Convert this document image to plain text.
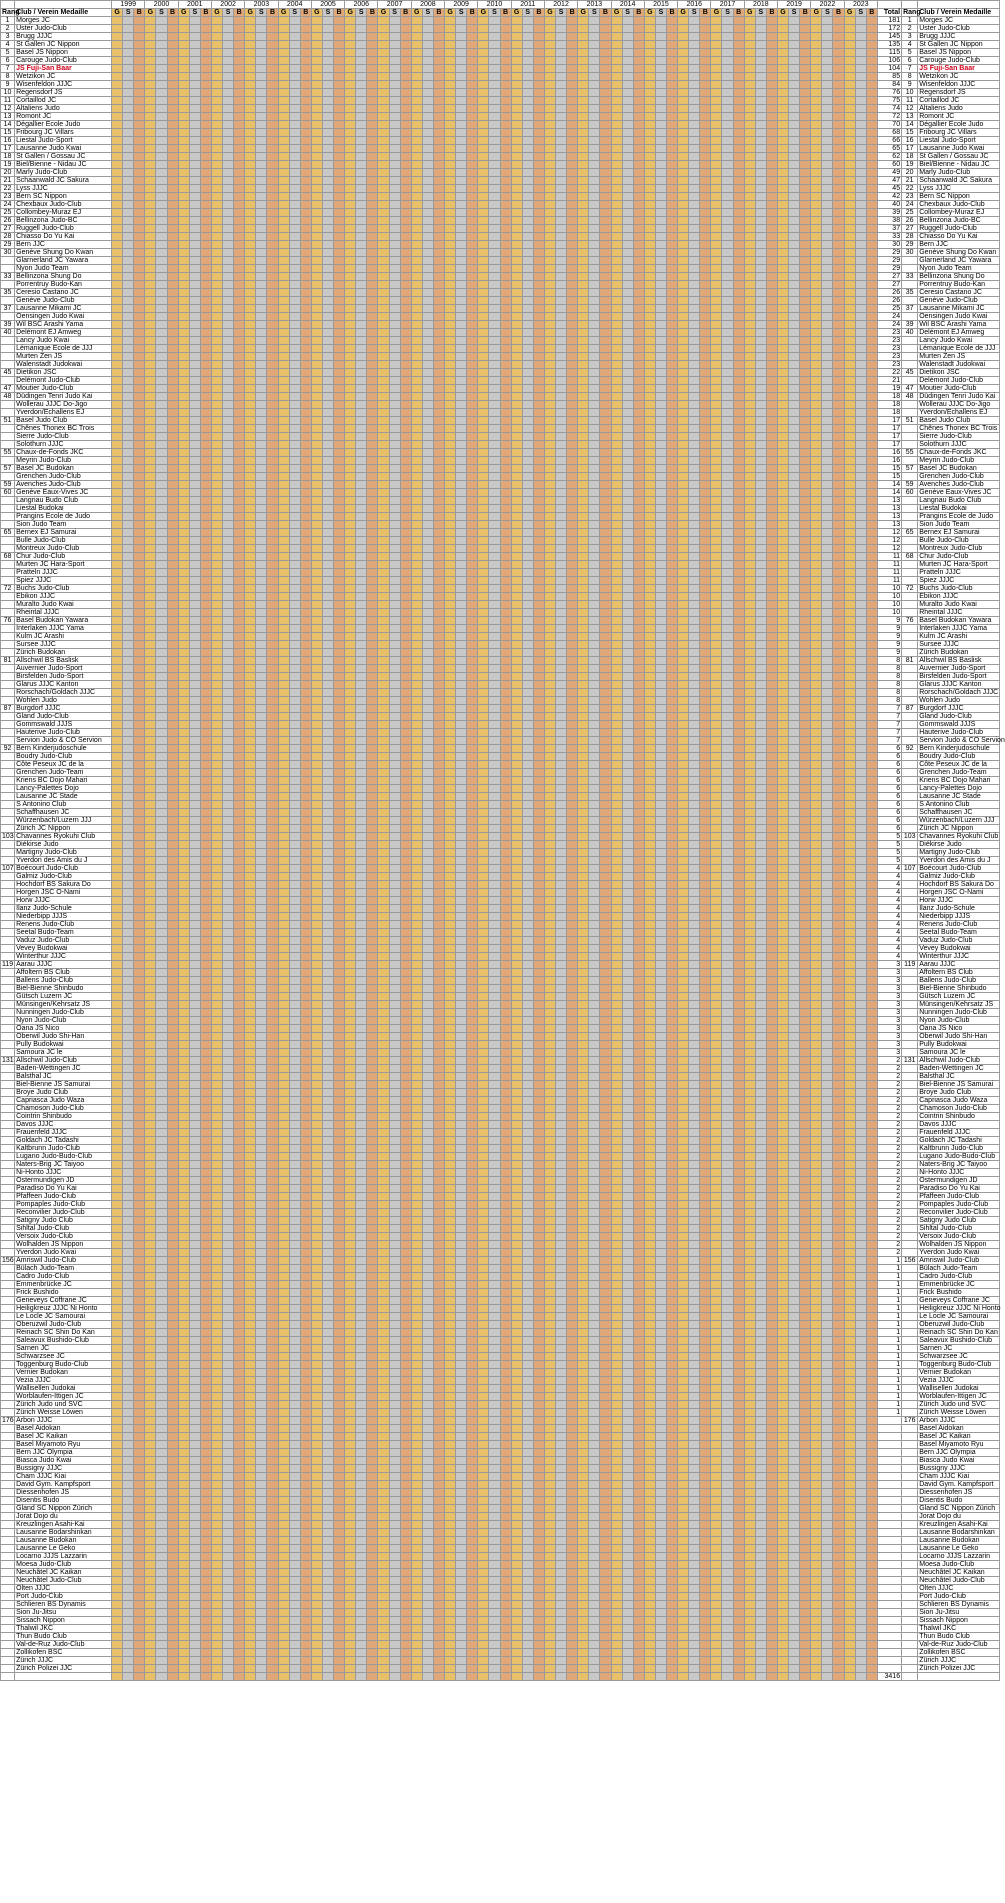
		1999	2000	2001	2002	2003	2004	2005	2006	2007	2008	2009	2010	2011	2012	2013	2014	2015	2016	2017	2018	2019	2022	2023			
Rang	Club / Verein Medaille	G	S	B	G	S	B	G	S	B	G	S	B	G	S	B	G	S	B	G	S	B	G	S	B	G	S	B	G	S	B	G	S	B	G	S	B	G	S	B	G	S	B	G	S	B	G	S	B	G	S	B	G	S	B	G	S	B	G	S	B	G	S	B	G	S	B	G	S	B	Total	Rang	Club / Verein Medaille
1	Morges JC																																																																						181	1	Morges JC
2	Uster Judo-Club																																																																						172	2	Uster Judo-Club
3	Brugg JJJC																																																																						145	3	Brugg JJJC
4	St Gallen JC Nippon																																																																						135	4	St Gallen JC Nippon
5	Basel JS Nippon																																																																						115	5	Basel JS Nippon
6	Carouge Judo-Club																																																																						106	6	Carouge Judo-Club
7	JS Fuji-San Baar																																																																						104	7	JS Fuji-San Baar
8	Wetzikon JC																																																																						85	8	Wetzikon JC
9	Wisenfeldon JJJC																																																																						84	9	Wisenfeldon JJJC
10	Regensdorf JS																																																																						76	10	Regensdorf JS
11	Cortaillod JC																																																																						75	11	Cortaillod JC
12	Altaliens Judo																																																																						74	12	Altaliens Judo
13	Romont JC																																																																						72	13	Romont JC
14	Dégallier Ecole Judo																																																																						70	14	Dégallier Ecole Judo
15	Fribourg JC Villars																																																																						68	15	Fribourg JC Villars
16	Liestal Judo-Sport																																																																						66	16	Liestal Judo-Sport
17	Lausanne Judo Kwai																																																																						65	17	Lausanne Judo Kwai
18	St Gallen / Gossau JC																																																																						62	18	St Gallen / Gossau JC
19	Biel/Bienne - Nidau JC																																																																						60	19	Biel/Bienne - Nidau JC
20	Marly Judo-Club																																																																						49	20	Marly Judo-Club
21	Schaanwald JC Sakura																																																																						47	21	Schaanwald JC Sakura
22	Lyss JJJC																																																																						45	22	Lyss JJJC
23	Bern SC Nippon																																																																						42	23	Bern SC Nippon
24	Chexbaux Judo-Club																																																																						40	24	Chexbaux Judo-Club
25	Collombey-Muraz EJ																																																																						39	25	Collombey-Muraz EJ
26	Bellinzona Judo-BC																																																																						38	26	Bellinzona Judo-BC
27	Ruggell Judo-Club																																																																						37	27	Ruggell Judo-Club
28	Chiasso Do Yu Kai																																																																						33	28	Chiasso Do Yu Kai
29	Bern JJC																																																																						30	29	Bern JJC
30	Genève Shung Do Kwan																																																																						29	30	Genève Shung Do Kwan
	Glarnerland JC Yawara																																																																						29		Glarnerland JC Yawara
	Nyon Judo Team																																																																						29		Nyon Judo Team
33	Bellinzona Shung Do																																																																						27	33	Bellinzona Shung Do
	Porrentruy Budo-Kan																																																																						27		Porrentruy Budo-Kan
35	Ceresio Castano JC																																																																						26	35	Ceresio Castano JC
	Genève Judo-Club																																																																						26		Genève Judo-Club
37	Lausanne Mikami JC																																																																						25	37	Lausanne Mikami JC
	Oensingen Judo Kwai																																																																						24		Oensingen Judo Kwai
39	Wil BSC Arashi Yama																																																																						24	39	Wil BSC Arashi Yama
40	Delémont EJ Amweg																																																																						23	40	Delémont EJ Amweg
	Lancy Judo Kwai																																																																						23		Lancy Judo Kwai
	Lémanique Ecole de JJJ																																																																						23		Lémanique Ecole de JJJ
	Murten Zen JS																																																																						23		Murten Zen JS
	Walenstadt Judokwai																																																																						23		Walenstadt Judokwai
45	Dietikon JSC																																																																						22	45	Dietikon JSC
	Delémont Judo-Club																																																																						21		Delémont Judo-Club
47	Moutier Judo-Club																																																																						19	47	Moutier Judo-Club
48	Düdingen Tenri Judo Kai																																																																						18	48	Düdingen Tenri Judo Kai
	Wollerau JJJC Do-Jigo																																																																						18		Wollerau JJJC Do-Jigo
	Yverdon/Echallens EJ																																																																						18		Yverdon/Echallens EJ
51	Basel Judo Club																																																																						17	51	Basel Judo Club
	Chênes Thonex BC Trois																																																																						17		Chênes Thonex BC Trois
	Sierre Judo-Club																																																																						17		Sierre Judo-Club
	Solothurn JJJC																																																																						17		Solothurn JJJC
55	Chaux-de-Fonds JKC																																																																						16	55	Chaux-de-Fonds JKC
	Meyrin Judo-Club																																																																						16		Meyrin Judo-Club
57	Basel JC Budokan																																																																						15	57	Basel JC Budokan
	Grenchen Judo-Club																																																																						15		Grenchen Judo-Club
59	Avenches Judo-Club																																																																						14	59	Avenches Judo-Club
60	Genève Eaux-Vives JC																																																																						14	60	Genève Eaux-Vives JC
	Langnau Budo Club																																																																						13		Langnau Budo Club
	Liestal Budokai																																																																						13		Liestal Budokai
	Prangins Ecole de Judo																																																																						13		Prangins Ecole de Judo
	Sion Judo Team																																																																						13		Sion Judo Team
65	Bernex EJ Samurai																																																																						12	65	Bernex EJ Samurai
	Bulle Judo-Club																																																																						12		Bulle Judo-Club
	Montreux Judo-Club																																																																						12		Montreux Judo-Club
68	Chur Judo-Club																																																																						11	68	Chur Judo-Club
	Murten JC Hara-Sport																																																																						11		Murten JC Hara-Sport
	Pratteln JJJC																																																																						11		Pratteln JJJC
	Spiez JJJC																																																																						11		Spiez JJJC
72	Buchs Judo-Club																																																																						10	72	Buchs Judo-Club
	Ebikon JJJC																																																																						10		Ebikon JJJC
	Muralto Judo Kwai																																																																						10		Muralto Judo Kwai
	Rheintal JJJC																																																																						10		Rheintal JJJC
76	Basel Budokan Yawara																																																																						9	76	Basel Budokan Yawara
	Interlaken JJJC Yama																																																																						9		Interlaken JJJC Yama
	Kulm JC Arashi																																																																						9		Kulm JC Arashi
	Sursee JJJC																																																																						9		Sursee JJJC
	Zürich Budokan																																																																						9		Zürich Budokan
81	Allschwil BS Baslisk																																																																						8	81	Allschwil BS Baslisk
	Auvernier Judo-Sport																																																																						8		Auvernier Judo-Sport
	Birsfelden Judo-Sport																																																																						8		Birsfelden Judo-Sport
	Glarus JJJC Kanton																																																																						8		Glarus JJJC Kanton
	Rorschach/Goldach JJJC																																																																						8		Rorschach/Goldach JJJC
	Wohlen Judo																																																																						8		Wohlen Judo
87	Burgdorf JJJC																																																																						7	87	Burgdorf JJJC
	Gland Judo-Club																																																																						7		Gland Judo-Club
	Gommswald JJJS																																																																						7		Gommswald JJJS
	Hauterive Judo-Club																																																																						7		Hauterive Judo-Club
	Servion Judo & CO Servion																																																																						7		Servion Judo & CO Servion
92	Bern Kinderjudoschule																																																																						6	92	Bern Kinderjudoschule
	Boudry Judo-Club																																																																						6		Boudry Judo-Club
	Côte Peseux JC de la																																																																						6		Côte Peseux JC de la
	Grenchen Judo-Team																																																																						6		Grenchen Judo-Team
	Kriens BC Dojo Mahari																																																																						6		Kriens BC Dojo Mahari
	Lancy-Palettes Dojo																																																																						6		Lancy-Palettes Dojo
	Lausanne JC Stade																																																																						6		Lausanne JC Stade
	S Antonino Club																																																																						6		S Antonino Club
	Schaffhausen JC																																																																						6		Schaffhausen JC
	Würzenbach/Luzern JJJ																																																																						6		Würzenbach/Luzern JJJ
	Zürich JC Nippon																																																																						6		Zürich JC Nippon
103	Chavannes Ryokuhi Club																																																																						5	103	Chavannes Ryokuhi Club
	Diékirse Judo																																																																						5		Diékirse Judo
	Martigny Judo-Club																																																																						5		Martigny Judo-Club
	Yverdon des Amis du J																																																																						5		Yverdon des Amis du J
107	Boécourt Judo-Club																																																																						4	107	Boécourt Judo-Club
	Galmiz Judo-Club																																																																						4		Galmiz Judo-Club
	Hochdorf BS Sakura Do																																																																						4		Hochdorf BS Sakura Do
	Horgen JSC O-Nami																																																																						4		Horgen JSC O-Nami
	Horw JJJC																																																																						4		Horw JJJC
	Ilanz Judo-Schule																																																																						4		Ilanz Judo-Schule
	Niederbipp JJJS																																																																						4		Niederbipp JJJS
	Renens Judo-Club																																																																						4		Renens Judo-Club
	Seetal Budo-Team																																																																						4		Seetal Budo-Team
	Vaduz Judo-Club																																																																						4		Vaduz Judo-Club
	Vevey Budokwai																																																																						4		Vevey Budokwai
	Winterthur JJJC																																																																						4		Winterthur JJJC
119	Aarau JJJC																																																																						3	119	Aarau JJJC
	Affoltern BS Club																																																																						3		Affoltern BS Club
	Ballens Judo-Club																																																																						3		Ballens Judo-Club
	Biel-Bienne Shinbudo																																																																						3		Biel-Bienne Shinbudo
	Gütsch Luzern JC																																																																						3		Gütsch Luzern JC
	Münsingen/Kehrsatz JS																																																																						3		Münsingen/Kehrsatz JS
	Nunningen Judo-Club																																																																						3		Nunningen Judo-Club
	Nyon Judo-Club																																																																						3		Nyon Judo-Club
	Oana JS Nico																																																																						3		Oana JS Nico
	Oberwil Judo Shi-Han																																																																						3		Oberwil Judo Shi-Han
	Pully Budokwai																																																																						3		Pully Budokwai
	Samoura JC le																																																																						3		Samoura JC le
131	Allschwil Judo-Club																																																																						2	131	Allschwil Judo-Club
	Baden-Wettingen JC																																																																						2		Baden-Wettingen JC
	Balsthal JC																																																																						2		Balsthal JC
	Biel-Bienne JS Samurai																																																																						2		Biel-Bienne JS Samurai
	Broye Judo Club																																																																						2		Broye Judo Club
	Capriasca Judo Waza																																																																						2		Capriasca Judo Waza
	Chamoson Judo-Club																																																																						2		Chamoson Judo-Club
	Cointrin Shinbudo																																																																						2		Cointrin Shinbudo
	Davos JJJC																																																																						2		Davos JJJC
	Frauenfeld JJJC																																																																						2		Frauenfeld JJJC
	Goldach JC Tadashi																																																																						2		Goldach JC Tadashi
	Kaltbrunn Judo-Club																																																																						2		Kaltbrunn Judo-Club
	Lugano Judo-Budo-Club																																																																						2		Lugano Judo-Budo-Club
	Naters-Brig JC Taiyoo																																																																						2		Naters-Brig JC Taiyoo
	Ni-Honto JJJC																																																																						2		Ni-Honto JJJC
	Ostermundigen JD																																																																						2		Ostermundigen JD
	Paradiso Do Yu Kai																																																																						2		Paradiso Do Yu Kai
	Pfaffeen Judo-Club																																																																						2		Pfaffeen Judo-Club
	Pompaples Judo-Club																																																																						2		Pompaples Judo-Club
	Reconvilier Judo-Club																																																																						2		Reconvilier Judo-Club
	Satigny Judo Club																																																																						2		Satigny Judo Club
	Sihltal Judo-Club																																																																						2		Sihltal Judo-Club
	Versoix Judo-Club																																																																						2		Versoix Judo-Club
	Wolhalden JS Nippon																																																																						2		Wolhalden JS Nippon
	Yverdon Judo Kwai																																																																						2		Yverdon Judo Kwai
156	Amriswil Judo-Club																																																																						1	156	Amriswil Judo-Club
	Bülach Judo-Team																																																																						1		Bülach Judo-Team
	Cadro Judo-Club																																																																						1		Cadro Judo-Club
	Emmenbrücke JC																																																																						1		Emmenbrücke JC
	Frick Bushido																																																																						1		Frick Bushido
	Geneveys Coffrane JC																																																																						1		Geneveys Coffrane JC
	Heiligkreuz JJJC Ni Honto																																																																						1		Heiligkreuz JJJC Ni Honto
	Le Locle JC Samourai																																																																						1		Le Locle JC Samourai
	Oberuzwil Judo-Club																																																																						1		Oberuzwil Judo-Club
	Reinach SC Shin Do Kan																																																																						1		Reinach SC Shin Do Kan
	Saleavux Bushido-Club																																																																						1		Saleavux Bushido-Club
	Sarnen JC																																																																						1		Sarnen JC
	Schwarzsee JC																																																																						1		Schwarzsee JC
	Toggenburg Budo-Club																																																																						1		Toggenburg Budo-Club
	Vernier Budokan																																																																						1		Vernier Budokan
	Vezia JJJC																																																																						1		Vezia JJJC
	Wallisellen Judokai																																																																						1		Wallisellen Judokai
	Worblaufen-Ittigen JC																																																																						1		Worblaufen-Ittigen JC
	Zürich Judo und SVC																																																																						1		Zürich Judo und SVC
	Zürich Weisse Löwen																																																																						1		Zürich Weisse Löwen
176	Arbon JJJC																																																																							176	Arbon JJJC
	Basel Aidokan																																																																								Basel Aidokan
	Basel JC Kaikan																																																																								Basel JC Kaikan
	Basel Miyamoto Ryu																																																																								Basel Miyamoto Ryu
	Bern JJC Olympia																																																																								Bern JJC Olympia
	Biasca Judo Kwai																																																																								Biasca Judo Kwai
	Bussigny JJJC																																																																								Bussigny JJJC
	Cham JJJC Kiai																																																																								Cham JJJC Kiai
	David Gym. Kampfsport																																																																								David Gym. Kampfsport
	Diessenhofen JS																																																																								Diessenhofen JS
	Disentis Budo																																																																								Disentis Budo
	Gland SC Nippon Zürich																																																																								Gland SC Nippon Zürich
	Jorat Dojo du																																																																								Jorat Dojo du
	Kreuzlingen Asahi-Kai																																																																								Kreuzlingen Asahi-Kai
	Lausanne Bodarshinkan																																																																								Lausanne Bodarshinkan
	Lausanne Budokan																																																																								Lausanne Budokan
	Lausanne Le Geko																																																																								Lausanne Le Geko
	Locarno JJJS Lazzarin																																																																								Locarno JJJS Lazzarin
	Moesa Judo-Club																																																																								Moesa Judo-Club
	Neuchâtel JC Kaikan																																																																								Neuchâtel JC Kaikan
	Neuchâtel Judo-Club																																																																								Neuchâtel Judo-Club
	Olten JJJC																																																																								Olten JJJC
	Port Judo-Club																																																																								Port Judo-Club
	Schlieren BS Dynamis																																																																								Schlieren BS Dynamis
	Sion Ju-Jitsu																																																																								Sion Ju-Jitsu
	Sissach Nippon																																																																								Sissach Nippon
	Thalwil JKC																																																																								Thalwil JKC
	Thun Budo Club																																																																								Thun Budo Club
	Val-de-Ruz Judo-Club																																																																								Val-de-Ruz Judo-Club
	Zollikofen BSC																																																																								Zollikofen BSC
	Zürich JJJC																																																																								Zürich JJJC
	Zürich Polizei JJC																																																																								Zürich Polizei JJC
																																																																							3416		
